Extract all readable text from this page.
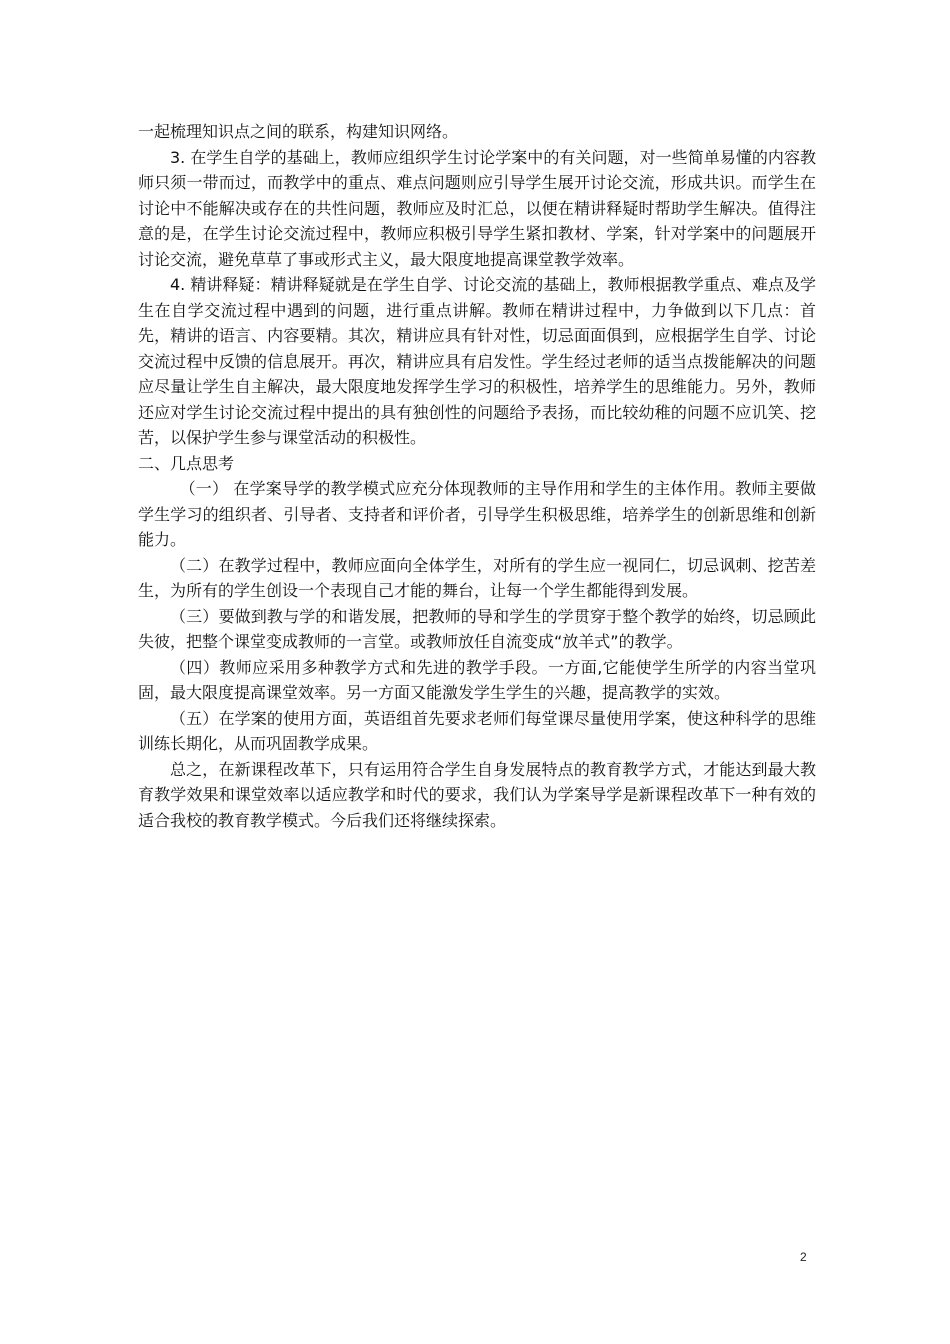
一起梳理知识点之间的联系，构建知识网络。

3. 在学生自学的基础上，教师应组织学生讨论学案中的有关问题，对一些简单易懂的内容教师只须一带而过，而教学中的重点、难点问题则应引导学生展开讨论交流，形成共识。而学生在讨论中不能解决或存在的共性问题，教师应及时汇总，以便在精讲释疑时帮助学生解决。值得注意的是，在学生讨论交流过程中，教师应积极引导学生紧扣教材、学案，针对学案中的问题展开讨论交流，避免草草了事或形式主义，最大限度地提高课堂教学效率。

4. 精讲释疑：精讲释疑就是在学生自学、讨论交流的基础上，教师根据教学重点、难点及学生在自学交流过程中遇到的问题，进行重点讲解。教师在精讲过程中，力争做到以下几点：首先，精讲的语言、内容要精。其次，精讲应具有针对性，切忌面面俱到，应根据学生自学、讨论交流过程中反馈的信息展开。再次，精讲应具有启发性。学生经过老师的适当点拨能解决的问题应尽量让学生自主解决，最大限度地发挥学生学习的积极性，培养学生的思维能力。另外，教师还应对学生讨论交流过程中提出的具有独创性的问题给予表扬，而比较幼稚的问题不应讥笑、挖苦，以保护学生参与课堂活动的积极性。

二、几点思考

（一） 在学案导学的教学模式应充分体现教师的主导作用和学生的主体作用。教师主要做学生学习的组织者、引导者、支持者和评价者，引导学生积极思维，培养学生的创新思维和创新能力。

（二）在教学过程中，教师应面向全体学生，对所有的学生应一视同仁，切忌讽刺、挖苦差生，为所有的学生创设一个表现自己才能的舞台，让每一个学生都能得到发展。

（三）要做到教与学的和谐发展，把教师的导和学生的学贯穿于整个教学的始终，切忌顾此失彼，把整个课堂变成教师的一言堂。或教师放任自流变成“放羊式”的教学。

（四）教师应采用多种教学方式和先进的教学手段。一方面,它能使学生所学的内容当堂巩固，最大限度提高课堂效率。另一方面又能激发学生学生的兴趣，提高教学的实效。

（五）在学案的使用方面，英语组首先要求老师们每堂课尽量使用学案，使这种科学的思维训练长期化，从而巩固教学成果。

总之，在新课程改革下，只有运用符合学生自身发展特点的教育教学方式，才能达到最大教育教学效果和课堂效率以适应教学和时代的要求，我们认为学案导学是新课程改革下一种有效的适合我校的教育教学模式。今后我们还将继续探索。

2
